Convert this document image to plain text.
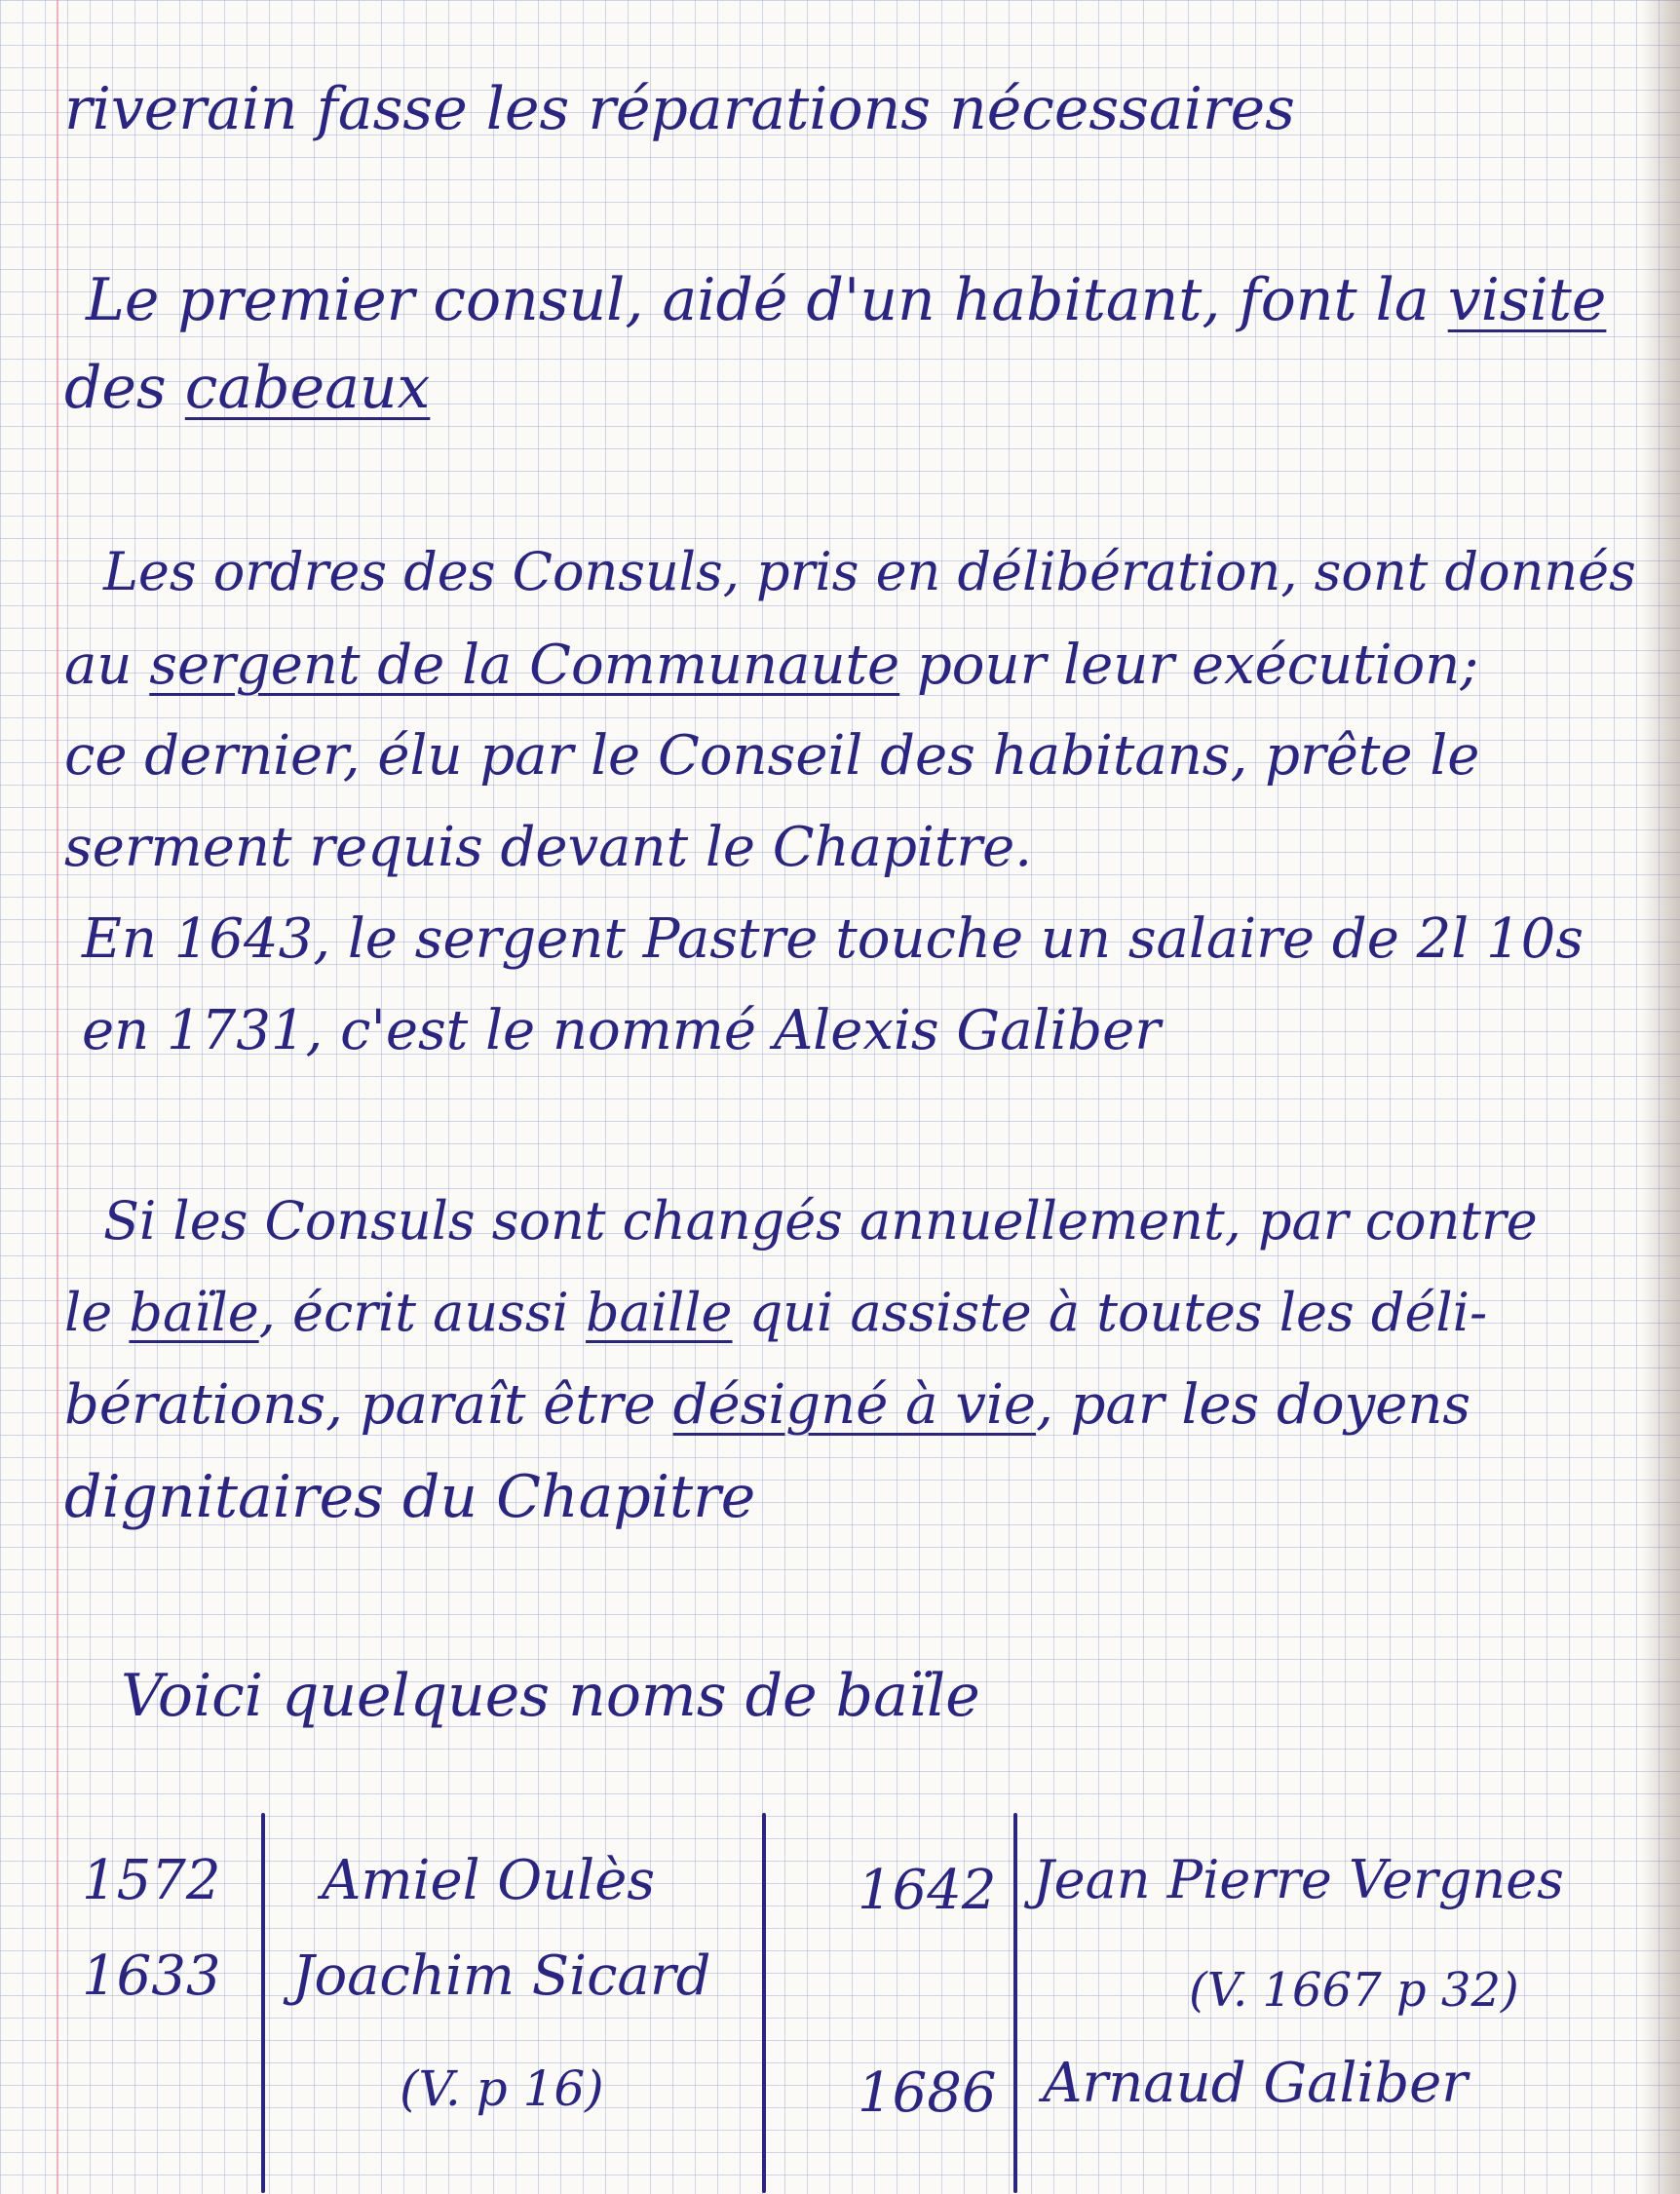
riverain fasse les réparations nécessaires
Le premier consul, aidé d'un habitant, font la visite
des cabeaux
Les ordres des Consuls, pris en délibération, sont donnés
au sergent de la Communaute pour leur exécution;
ce dernier, élu par le Conseil des habitans, prête le
serment requis devant le Chapitre.
En 1643, le sergent Pastre touche un salaire de 2l 10s
en 1731, c'est le nommé Alexis Galiber
Si les Consuls sont changés annuellement, par contre
le baïle, écrit aussi baille qui assiste à toutes les déli-
bérations, paraît être désigné à vie, par les doyens
dignitaires du Chapitre
Voici quelques noms de baïle
1572 Amiel Oulès
1633 Joachim Sicard
(V. p 16)
1642 Jean Pierre Vergnes
(V. 1667 p 32)
1686 Arnaud Galiber
